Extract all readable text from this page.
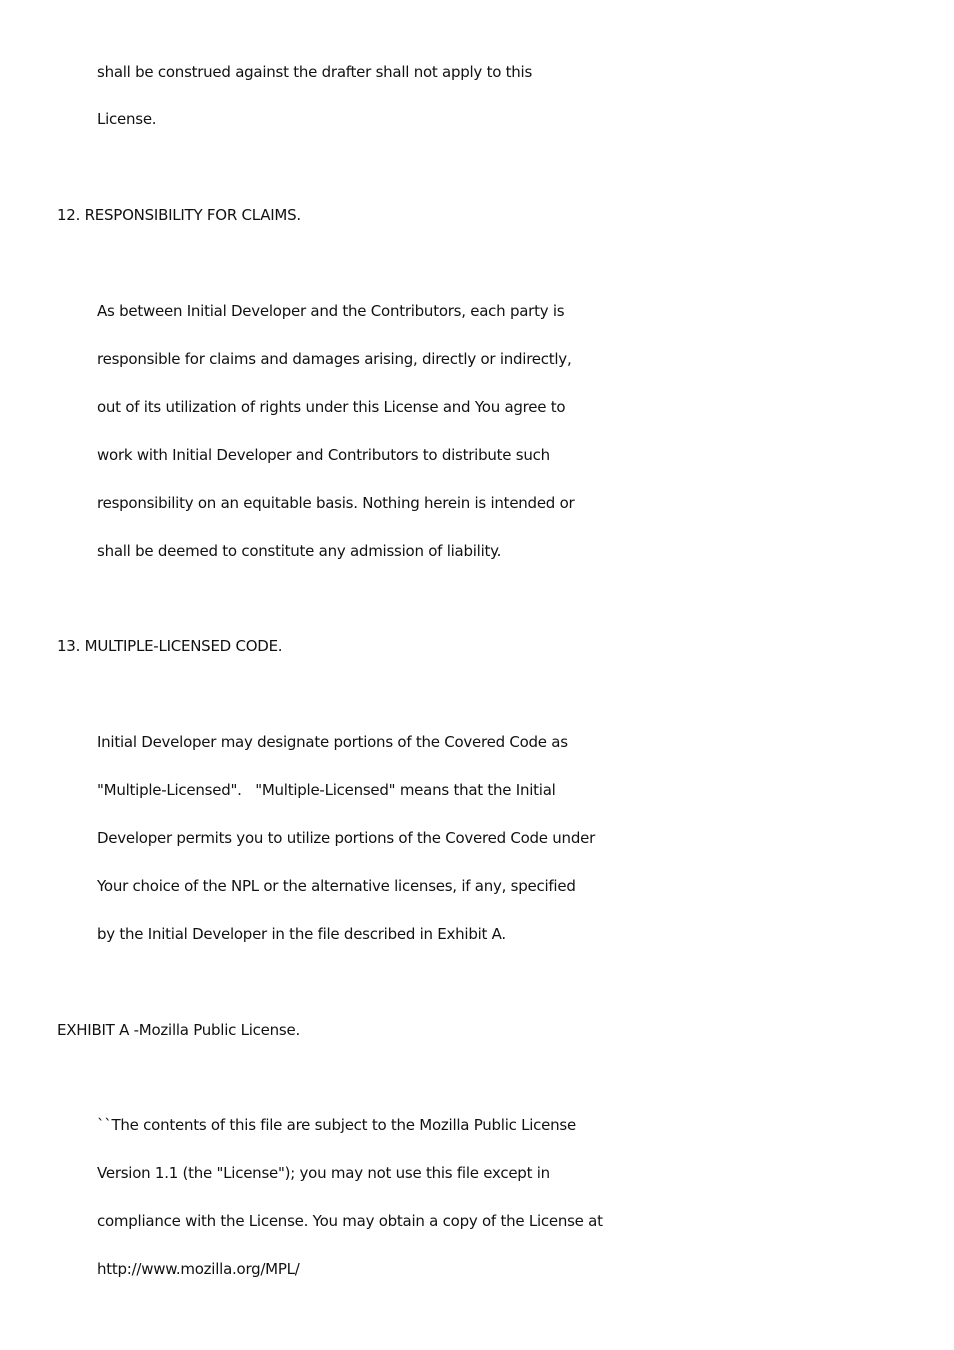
shall be construed against the drafter shall not apply to this
License.
12. RESPONSIBILITY FOR CLAIMS.
As between Initial Developer and the Contributors, each party is
responsible for claims and damages arising, directly or indirectly,
out of its utilization of rights under this License and You agree to
work with Initial Developer and Contributors to distribute such
responsibility on an equitable basis. Nothing herein is intended or
shall be deemed to constitute any admission of liability.
13. MULTIPLE-LICENSED CODE.
Initial Developer may designate portions of the Covered Code as
"Multiple-Licensed".   "Multiple-Licensed" means that the Initial
Developer permits you to utilize portions of the Covered Code under
Your choice of the NPL or the alternative licenses, if any, specified
by the Initial Developer in the file described in Exhibit A.
EXHIBIT A -Mozilla Public License.
``The contents of this file are subject to the Mozilla Public License
Version 1.1 (the "License"); you may not use this file except in
compliance with the License. You may obtain a copy of the License at
http://www.mozilla.org/MPL/
